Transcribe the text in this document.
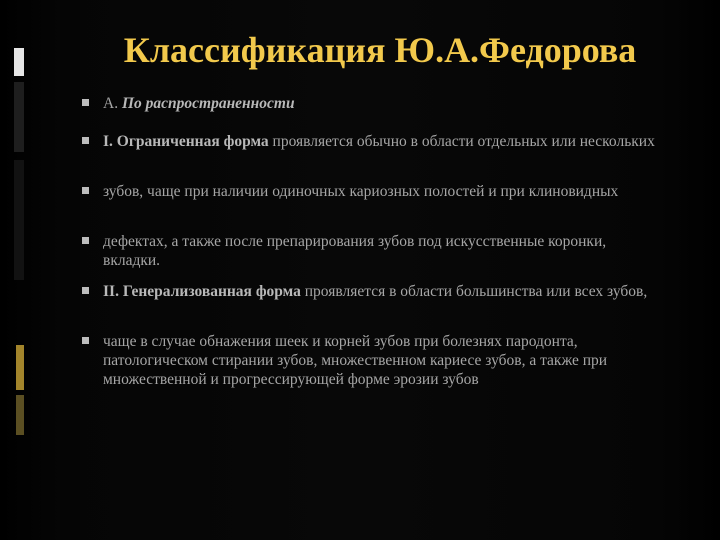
Классификация Ю.А.Федорова
А. По распространенности
I. Ограниченная форма проявляется обычно в области отдельных или нескольких
зубов, чаще при наличии одиночных кариозных полостей и при клиновидных
дефектах, а также после препарирования зубов под искусственные коронки, вкладки.
II. Генерализованная форма проявляется в области большинства или всех зубов,
чаще в случае обнажения шеек и корней зубов при болезнях пародонта, патологическом стирании зубов, множественном кариесе зубов, а также при множественной и прогрессирующей форме эрозии зубов
